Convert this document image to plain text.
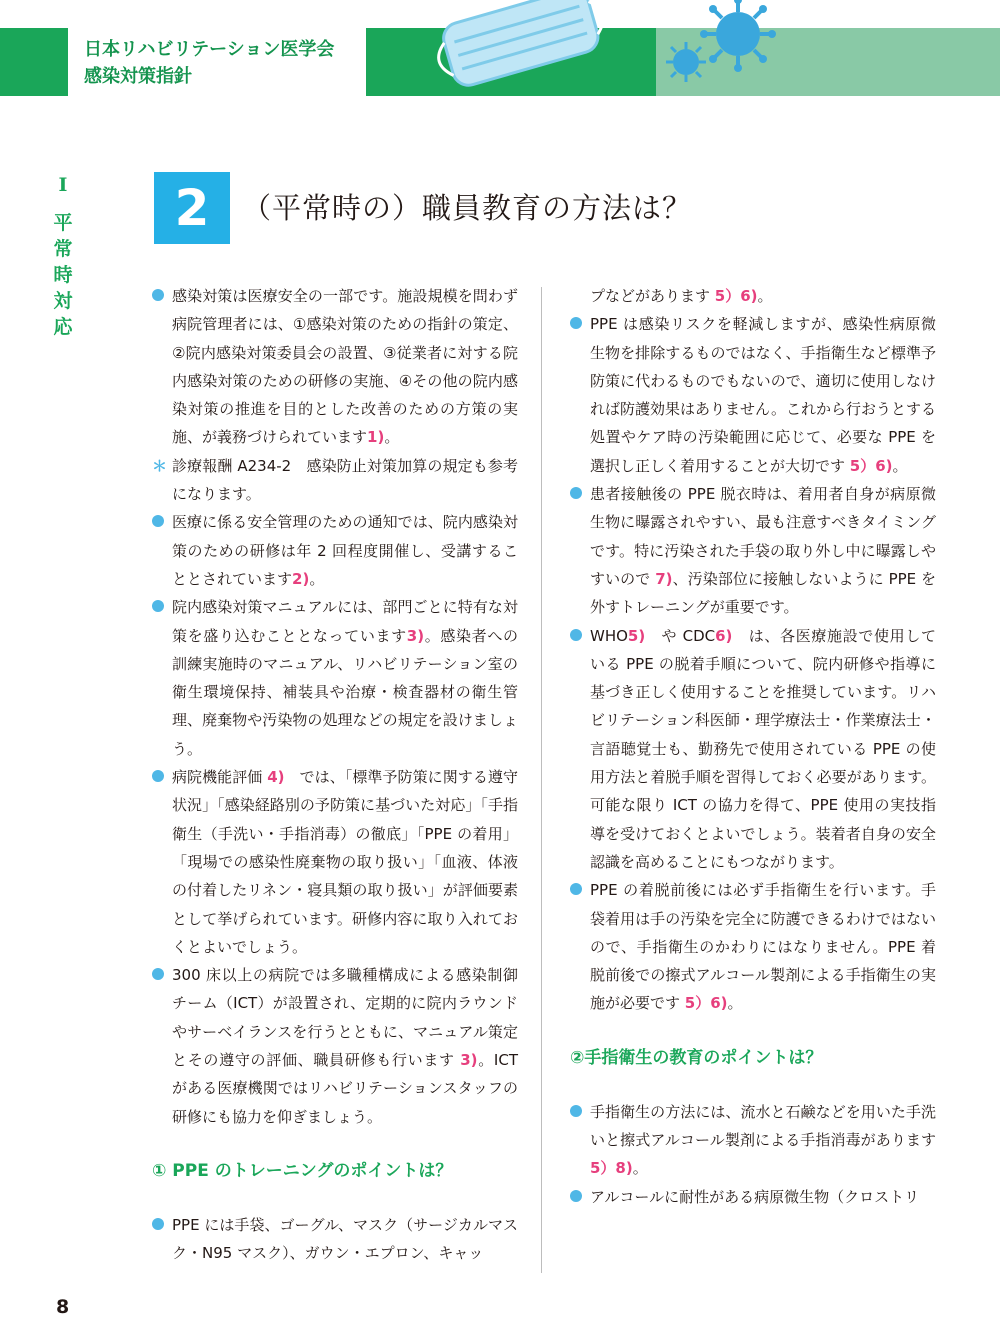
日本リハビリテーション医学会
感染対策指針
I
平
常
時
対
応
2	（平常時の）職員教育の方法は？
感染対策は医療安全の一部です。施設規模を問わず病院管理者には、①感染対策のための指針の策定、②院内感染対策委員会の設置、③従業者に対する院内感染対策のための研修の実施、④その他の院内感染対策の推進を目的とした改善のための方策の実施、が義務づけられています1)。
＊ 診療報酬 A234-2　感染防止対策加算の規定も参考になります。
医療に係る安全管理のための通知では、院内感染対策のための研修は年 2 回程度開催し、受講することとされています2)。
院内感染対策マニュアルには、部門ごとに特有な対策を盛り込むこととなっています3)。感染者への訓練実施時のマニュアル、リハビリテーション室の衛生環境保持、補装具や治療・検査器材の衛生管理、廃棄物や汚染物の処理などの規定を設けましょう。
病院機能評価 4)　では、「標準予防策に関する遵守状況」「感染経路別の予防策に基づいた対応」「手指衛生（手洗い・手指消毒）の徹底」「PPE の着用」「現場での感染性廃棄物の取り扱い」「血液、体液の付着したリネン・寝具類の取り扱い」が評価要素として挙げられています。研修内容に取り入れておくとよいでしょう。
300 床以上の病院では多職種構成による感染制御チーム（ICT）が設置され、定期的に院内ラウンドやサーベイランスを行うとともに、マニュアル策定とその遵守の評価、職員研修も行います 3)。ICT がある医療機関ではリハビリテーションスタッフの研修にも協力を仰ぎましょう。
① PPE のトレーニングのポイントは？
PPE には手袋、ゴーグル、マスク（サージカルマスク・N95 マスク）、ガウン・エプロン、キャッ
プなどがあります 5）6)。
PPE は感染リスクを軽減しますが、感染性病原微生物を排除するものではなく、手指衛生など標準予防策に代わるものでもないので、適切に使用しなければ防護効果はありません。これから行おうとする処置やケア時の汚染範囲に応じて、必要な PPE を選択し正しく着用することが大切です 5）6)。
患者接触後の PPE 脱衣時は、着用者自身が病原微生物に曝露されやすい、最も注意すべきタイミングです。特に汚染された手袋の取り外し中に曝露しやすいので 7)、汚染部位に接触しないように PPE を外すトレーニングが重要です。
WHO5)　や CDC6)　は、各医療施設で使用している PPE の脱着手順について、院内研修や指導に基づき正しく使用することを推奨しています。リハビリテーション科医師・理学療法士・作業療法士・言語聴覚士も、勤務先で使用されている PPE の使用方法と着脱手順を習得しておく必要があります。可能な限り ICT の協力を得て、PPE 使用の実技指導を受けておくとよいでしょう。装着者自身の安全認識を高めることにもつながります。
PPE の着脱前後には必ず手指衛生を行います。手袋着用は手の汚染を完全に防護できるわけではないので、手指衛生のかわりにはなりません。PPE 着脱前後での擦式アルコール製剤による手指衛生の実施が必要です 5）6)。
②手指衛生の教育のポイントは？
手指衛生の方法には、流水と石鹸などを用いた手洗いと擦式アルコール製剤による手指消毒があります 5）8)。
アルコールに耐性がある病原微生物（クロストリ
8
